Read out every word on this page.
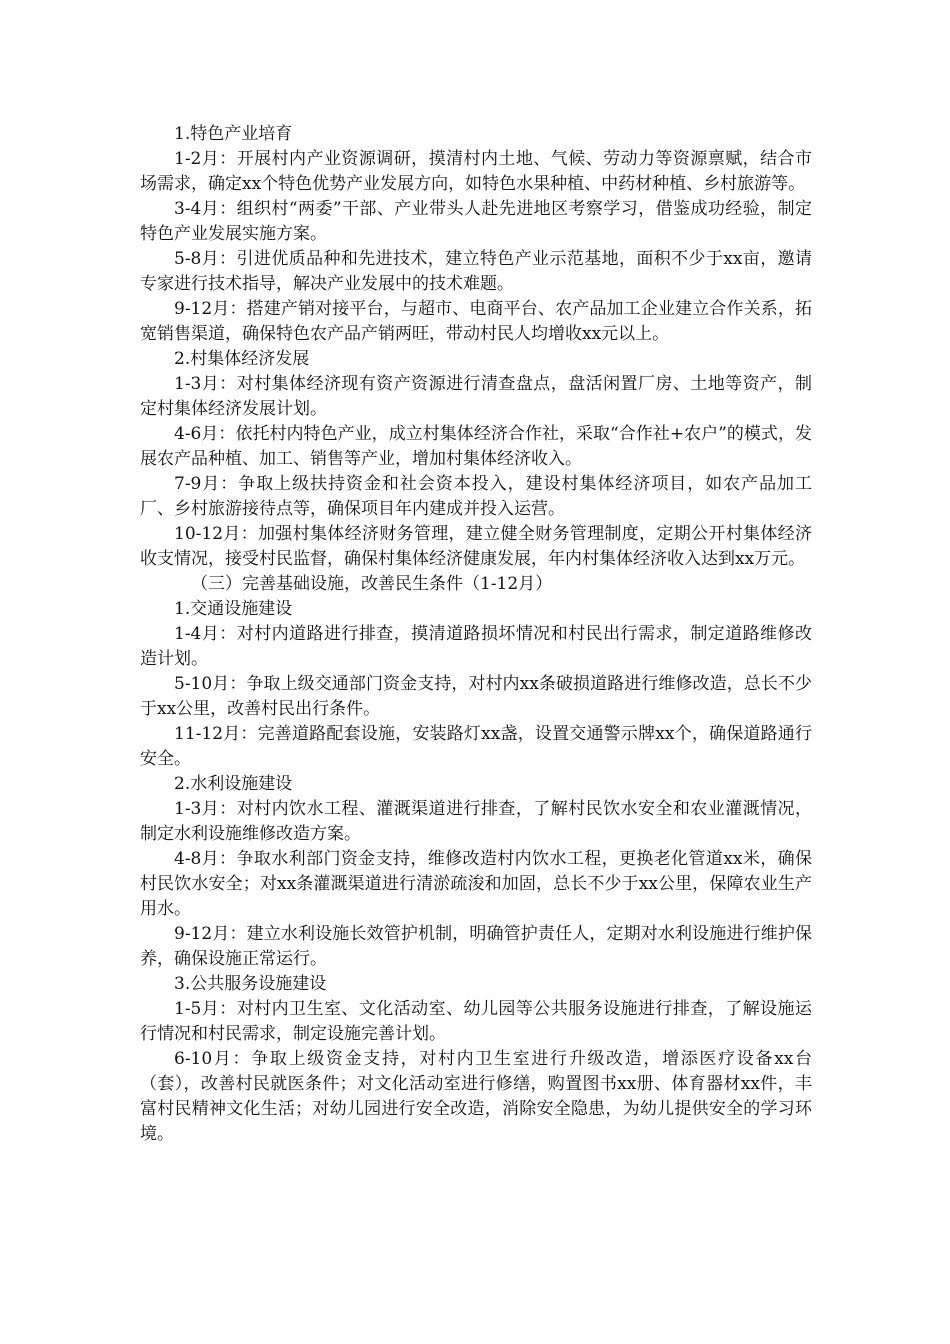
1.特色产业培育

1-2月：开展村内产业资源调研，摸清村内土地、气候、劳动力等资源禀赋，结合市场需求，确定xx个特色优势产业发展方向，如特色水果种植、中药材种植、乡村旅游等。

3-4月：组织村“两委”干部、产业带头人赴先进地区考察学习，借鉴成功经验，制定特色产业发展实施方案。

5-8月：引进优质品种和先进技术，建立特色产业示范基地，面积不少于xx亩，邀请专家进行技术指导，解决产业发展中的技术难题。

9-12月：搭建产销对接平台，与超市、电商平台、农产品加工企业建立合作关系，拓宽销售渠道，确保特色农产品产销两旺，带动村民人均增收xx元以上。

2.村集体经济发展

1-3月：对村集体经济现有资产资源进行清查盘点，盘活闲置厂房、土地等资产，制定村集体经济发展计划。

4-6月：依托村内特色产业，成立村集体经济合作社，采取“合作社+农户”的模式，发展农产品种植、加工、销售等产业，增加村集体经济收入。

7-9月：争取上级扶持资金和社会资本投入，建设村集体经济项目，如农产品加工厂、乡村旅游接待点等，确保项目年内建成并投入运营。

10-12月：加强村集体经济财务管理，建立健全财务管理制度，定期公开村集体经济收支情况，接受村民监督，确保村集体经济健康发展，年内村集体经济收入达到xx万元。

（三）完善基础设施，改善民生条件（1-12月）

1.交通设施建设

1-4月：对村内道路进行排查，摸清道路损坏情况和村民出行需求，制定道路维修改造计划。

5-10月：争取上级交通部门资金支持，对村内xx条破损道路进行维修改造，总长不少于xx公里，改善村民出行条件。

11-12月：完善道路配套设施，安装路灯xx盏，设置交通警示牌xx个，确保道路通行安全。

2.水利设施建设

1-3月：对村内饮水工程、灌溉渠道进行排查，了解村民饮水安全和农业灌溉情况，制定水利设施维修改造方案。

4-8月：争取水利部门资金支持，维修改造村内饮水工程，更换老化管道xx米，确保村民饮水安全；对xx条灌溉渠道进行清淤疏浚和加固，总长不少于xx公里，保障农业生产用水。

9-12月：建立水利设施长效管护机制，明确管护责任人，定期对水利设施进行维护保养，确保设施正常运行。

3.公共服务设施建设

1-5月：对村内卫生室、文化活动室、幼儿园等公共服务设施进行排查，了解设施运行情况和村民需求，制定设施完善计划。

6-10月：争取上级资金支持，对村内卫生室进行升级改造，增添医疗设备xx台（套），改善村民就医条件；对文化活动室进行修缮，购置图书xx册、体育器材xx件，丰富村民精神文化生活；对幼儿园进行安全改造，消除安全隐患，为幼儿提供安全的学习环境。
